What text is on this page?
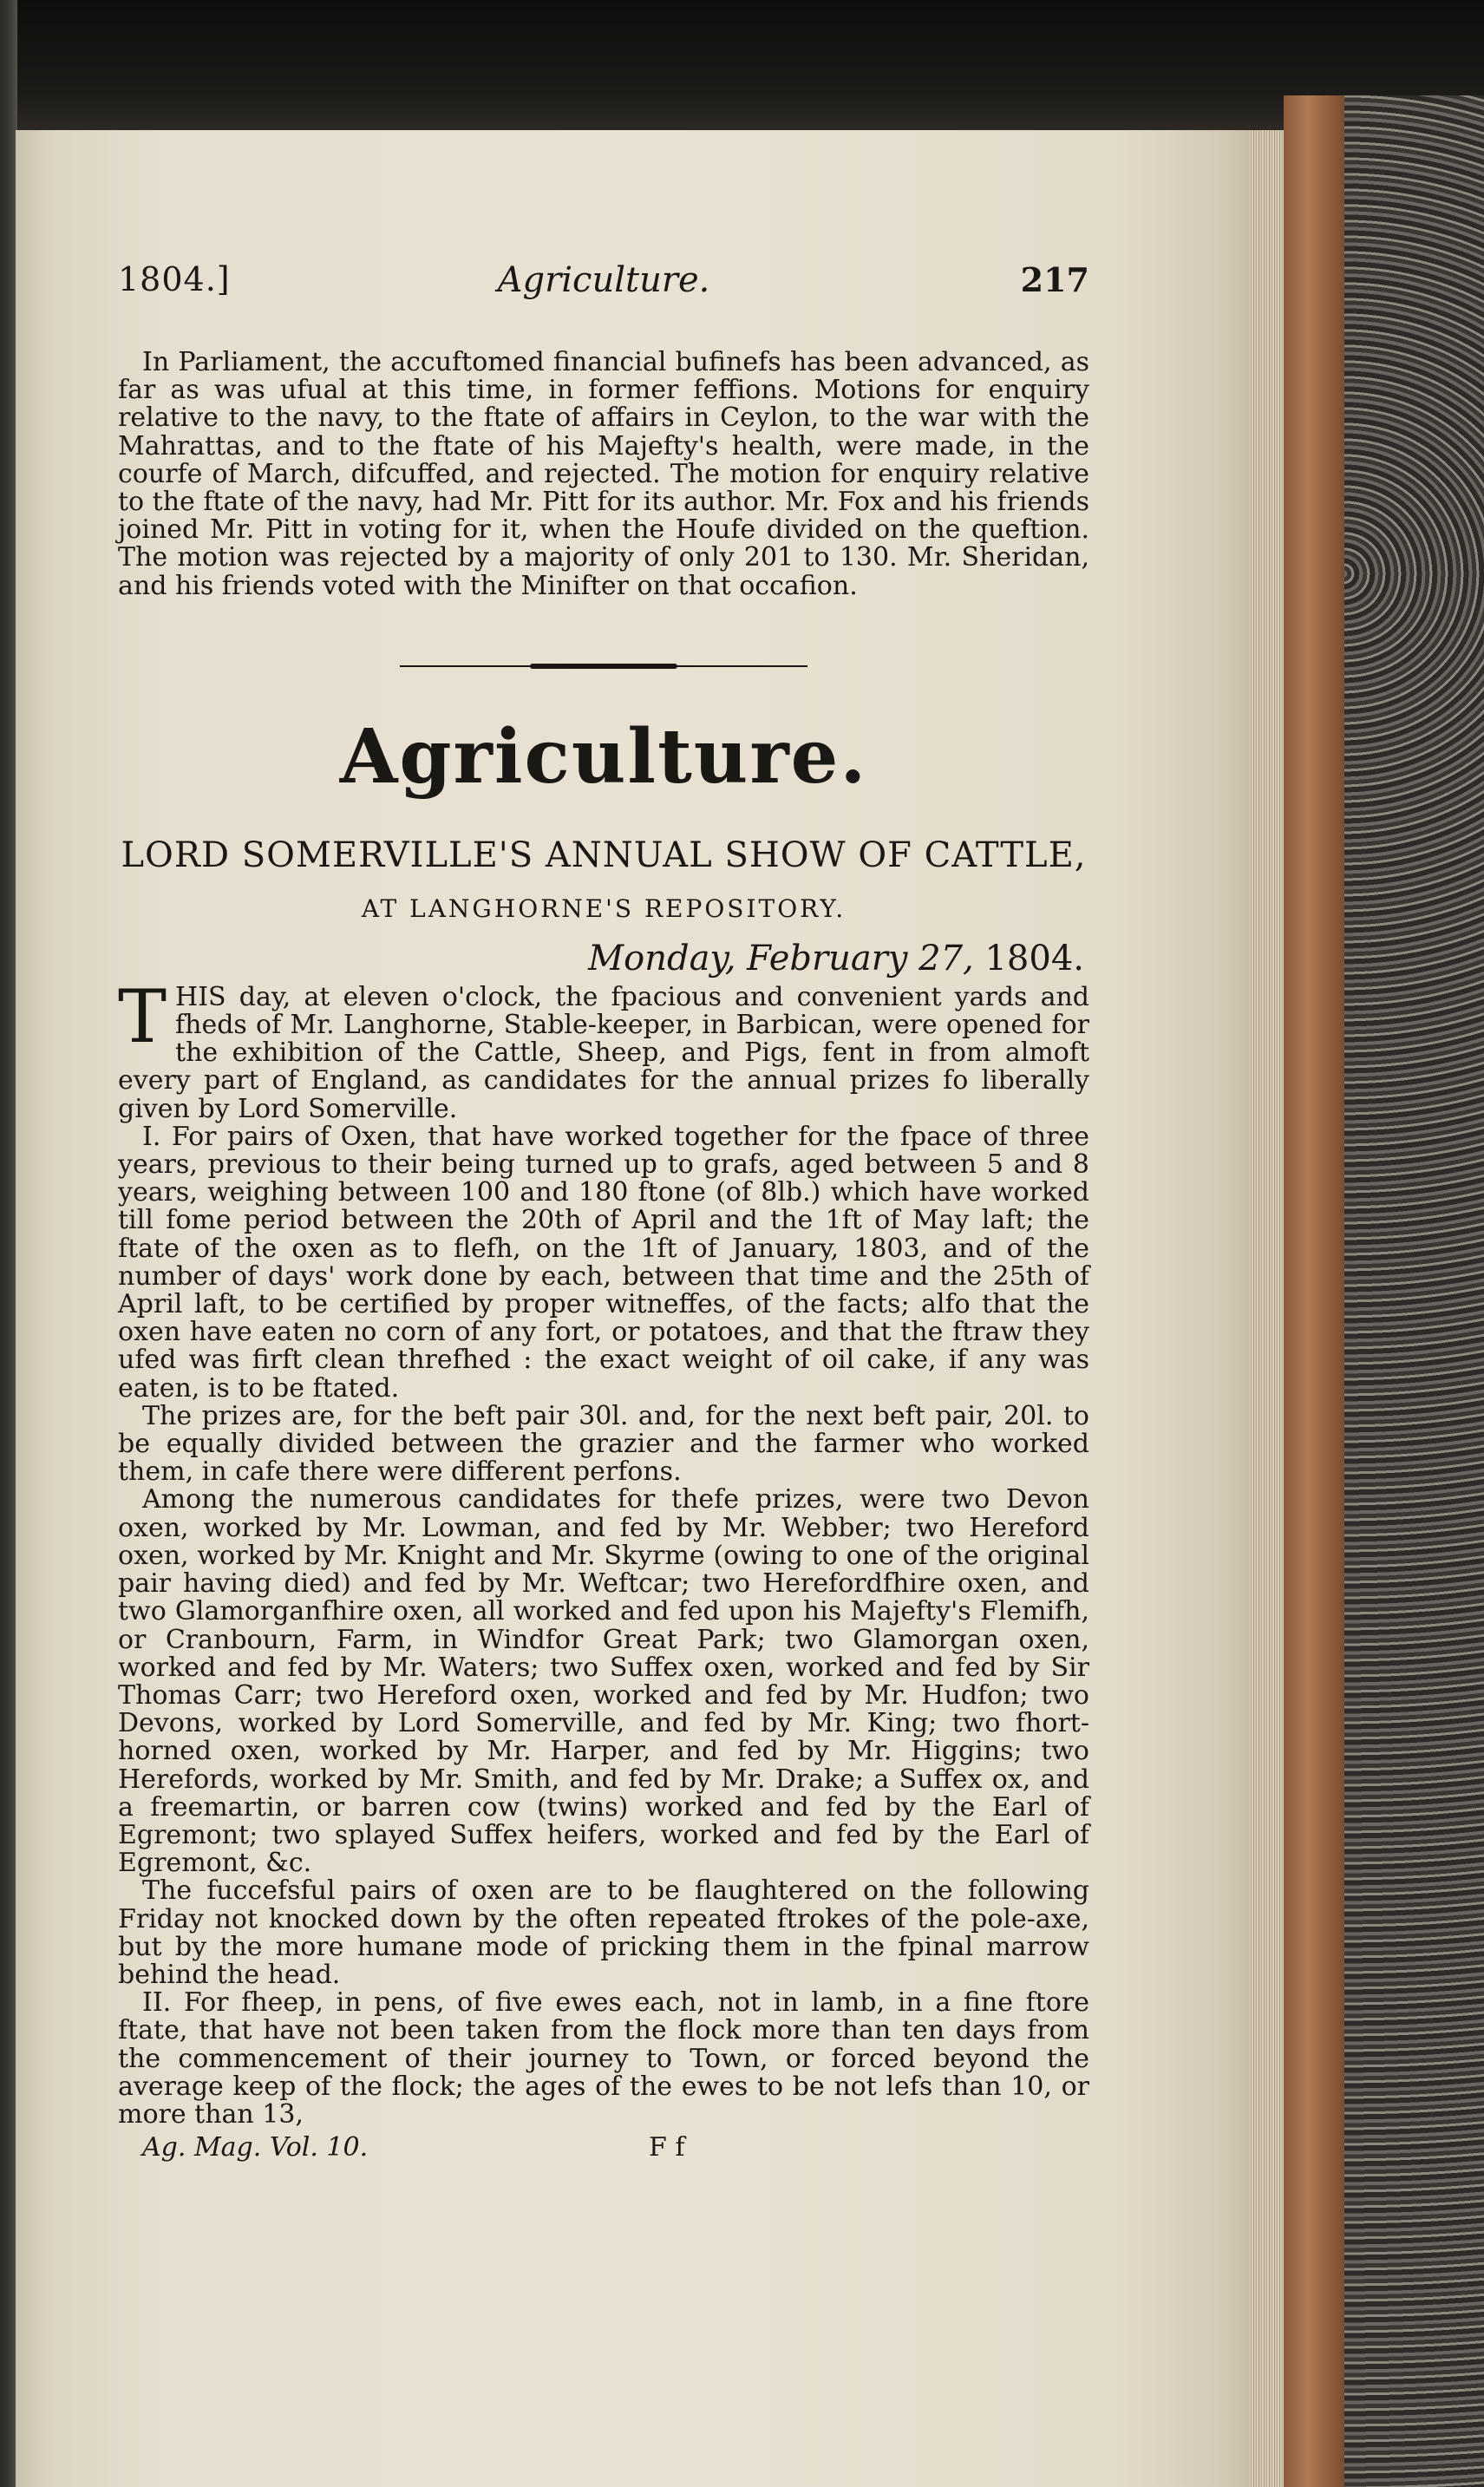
1804.]	Agriculture.	217

In Parliament, the accuftomed financial bufinefs has been advanced, as far as was ufual at this time, in former feffions. Motions for enquiry relative to the navy, to the ftate of affairs in Ceylon, to the war with the Mahrattas, and to the ftate of his Majefty's health, were made, in the courfe of March, difcuffed, and rejected. The motion for enquiry relative to the ftate of the navy, had Mr. Pitt for its author. Mr. Fox and his friends joined Mr. Pitt in voting for it, when the Houfe divided on the queftion. The motion was rejected by a majority of only 201 to 130. Mr. Sheridan, and his friends voted with the Minifter on that occafion.

Agriculture.
LORD SOMERVILLE'S ANNUAL SHOW OF CATTLE,
AT LANGHORNE'S REPOSITORY.
Monday, February 27, 1804.

THIS day, at eleven o'clock, the fpacious and convenient yards and fheds of Mr. Langhorne, Stable-keeper, in Barbican, were opened for the exhibition of the Cattle, Sheep, and Pigs, fent in from almoft every part of England, as candidates for the annual prizes fo liberally given by Lord Somerville.

I. For pairs of Oxen, that have worked together for the fpace of three years, previous to their being turned up to grafs, aged between 5 and 8 years, weighing between 100 and 180 ftone (of 8lb.) which have worked till fome period between the 20th of April and the 1ft of May laft; the ftate of the oxen as to flefh, on the 1ft of January, 1803, and of the number of days' work done by each, between that time and the 25th of April laft, to be certified by proper witneffes, of the facts; alfo that the oxen have eaten no corn of any fort, or potatoes, and that the ftraw they ufed was firft clean threfhed : the exact weight of oil cake, if any was eaten, is to be ftated.

The prizes are, for the beft pair 30l. and, for the next beft pair, 20l. to be equally divided between the grazier and the farmer who worked them, in cafe there were different perfons.

Among the numerous candidates for thefe prizes, were two Devon oxen, worked by Mr. Lowman, and fed by Mr. Webber; two Hereford oxen, worked by Mr. Knight and Mr. Skyrme (owing to one of the original pair having died) and fed by Mr. Weftcar; two Herefordfhire oxen, and two Glamorganfhire oxen, all worked and fed upon his Majefty's Flemifh, or Cranbourn, Farm, in Windfor Great Park; two Glamorgan oxen, worked and fed by Mr. Waters; two Suffex oxen, worked and fed by Sir Thomas Carr; two Hereford oxen, worked and fed by Mr. Hudfon; two Devons, worked by Lord Somerville, and fed by Mr. King; two fhort-horned oxen, worked by Mr. Harper, and fed by Mr. Higgins; two Herefords, worked by Mr. Smith, and fed by Mr. Drake; a Suffex ox, and a freemartin, or barren cow (twins) worked and fed by the Earl of Egremont; two splayed Suffex heifers, worked and fed by the Earl of Egremont, &c.

The fuccefsful pairs of oxen are to be flaughtered on the following Friday not knocked down by the often repeated ftrokes of the pole-axe, but by the more humane mode of pricking them in the fpinal marrow behind the head.

II. For fheep, in pens, of five ewes each, not in lamb, in a fine ftore ftate, that have not been taken from the flock more than ten days from the commencement of their journey to Town, or forced beyond the average keep of the flock; the ages of the ewes to be not lefs than 10, or more than 13,

Ag. Mag. Vol. 10.	F f
